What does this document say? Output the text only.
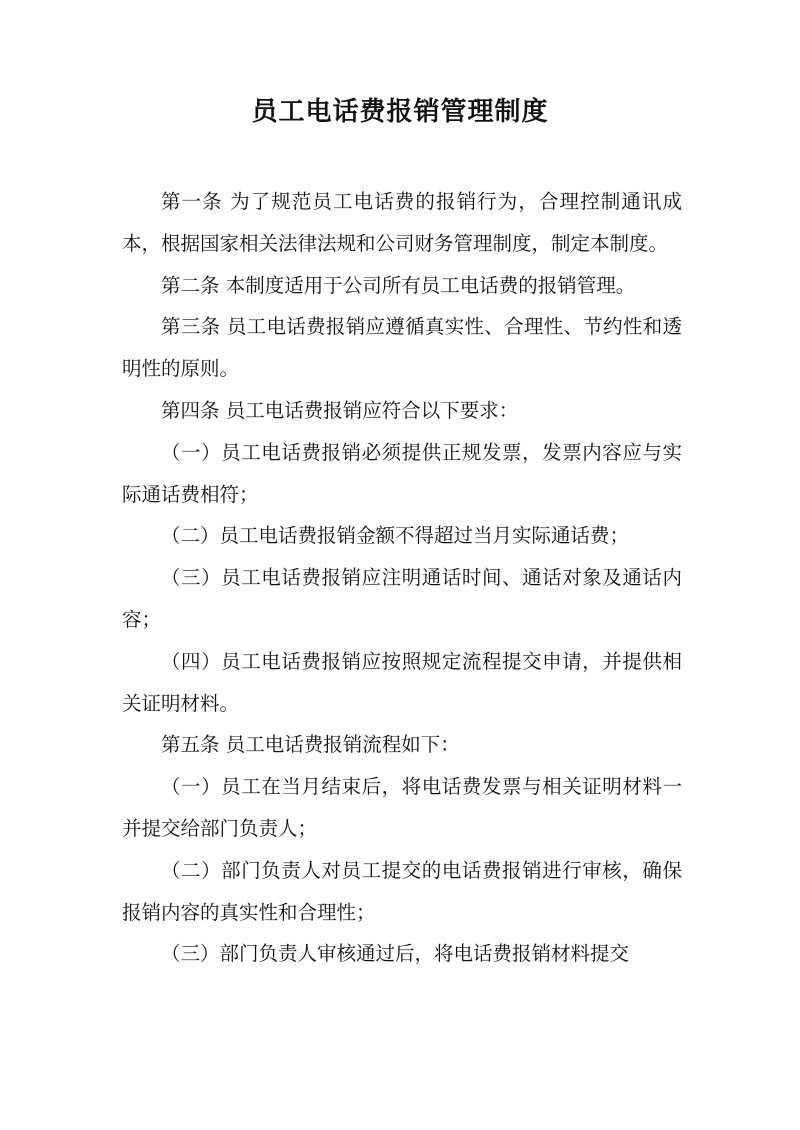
员工电话费报销管理制度

第一条 为了规范员工电话费的报销行为，合理控制通讯成本，根据国家相关法律法规和公司财务管理制度，制定本制度。

第二条 本制度适用于公司所有员工电话费的报销管理。

第三条 员工电话费报销应遵循真实性、合理性、节约性和透明性的原则。

第四条 员工电话费报销应符合以下要求：

（一）员工电话费报销必须提供正规发票，发票内容应与实际通话费相符；

（二）员工电话费报销金额不得超过当月实际通话费；

（三）员工电话费报销应注明通话时间、通话对象及通话内容；

（四）员工电话费报销应按照规定流程提交申请，并提供相关证明材料。

第五条 员工电话费报销流程如下：

（一）员工在当月结束后，将电话费发票与相关证明材料一并提交给部门负责人；

（二）部门负责人对员工提交的电话费报销进行审核，确保报销内容的真实性和合理性；

（三）部门负责人审核通过后，将电话费报销材料提交
